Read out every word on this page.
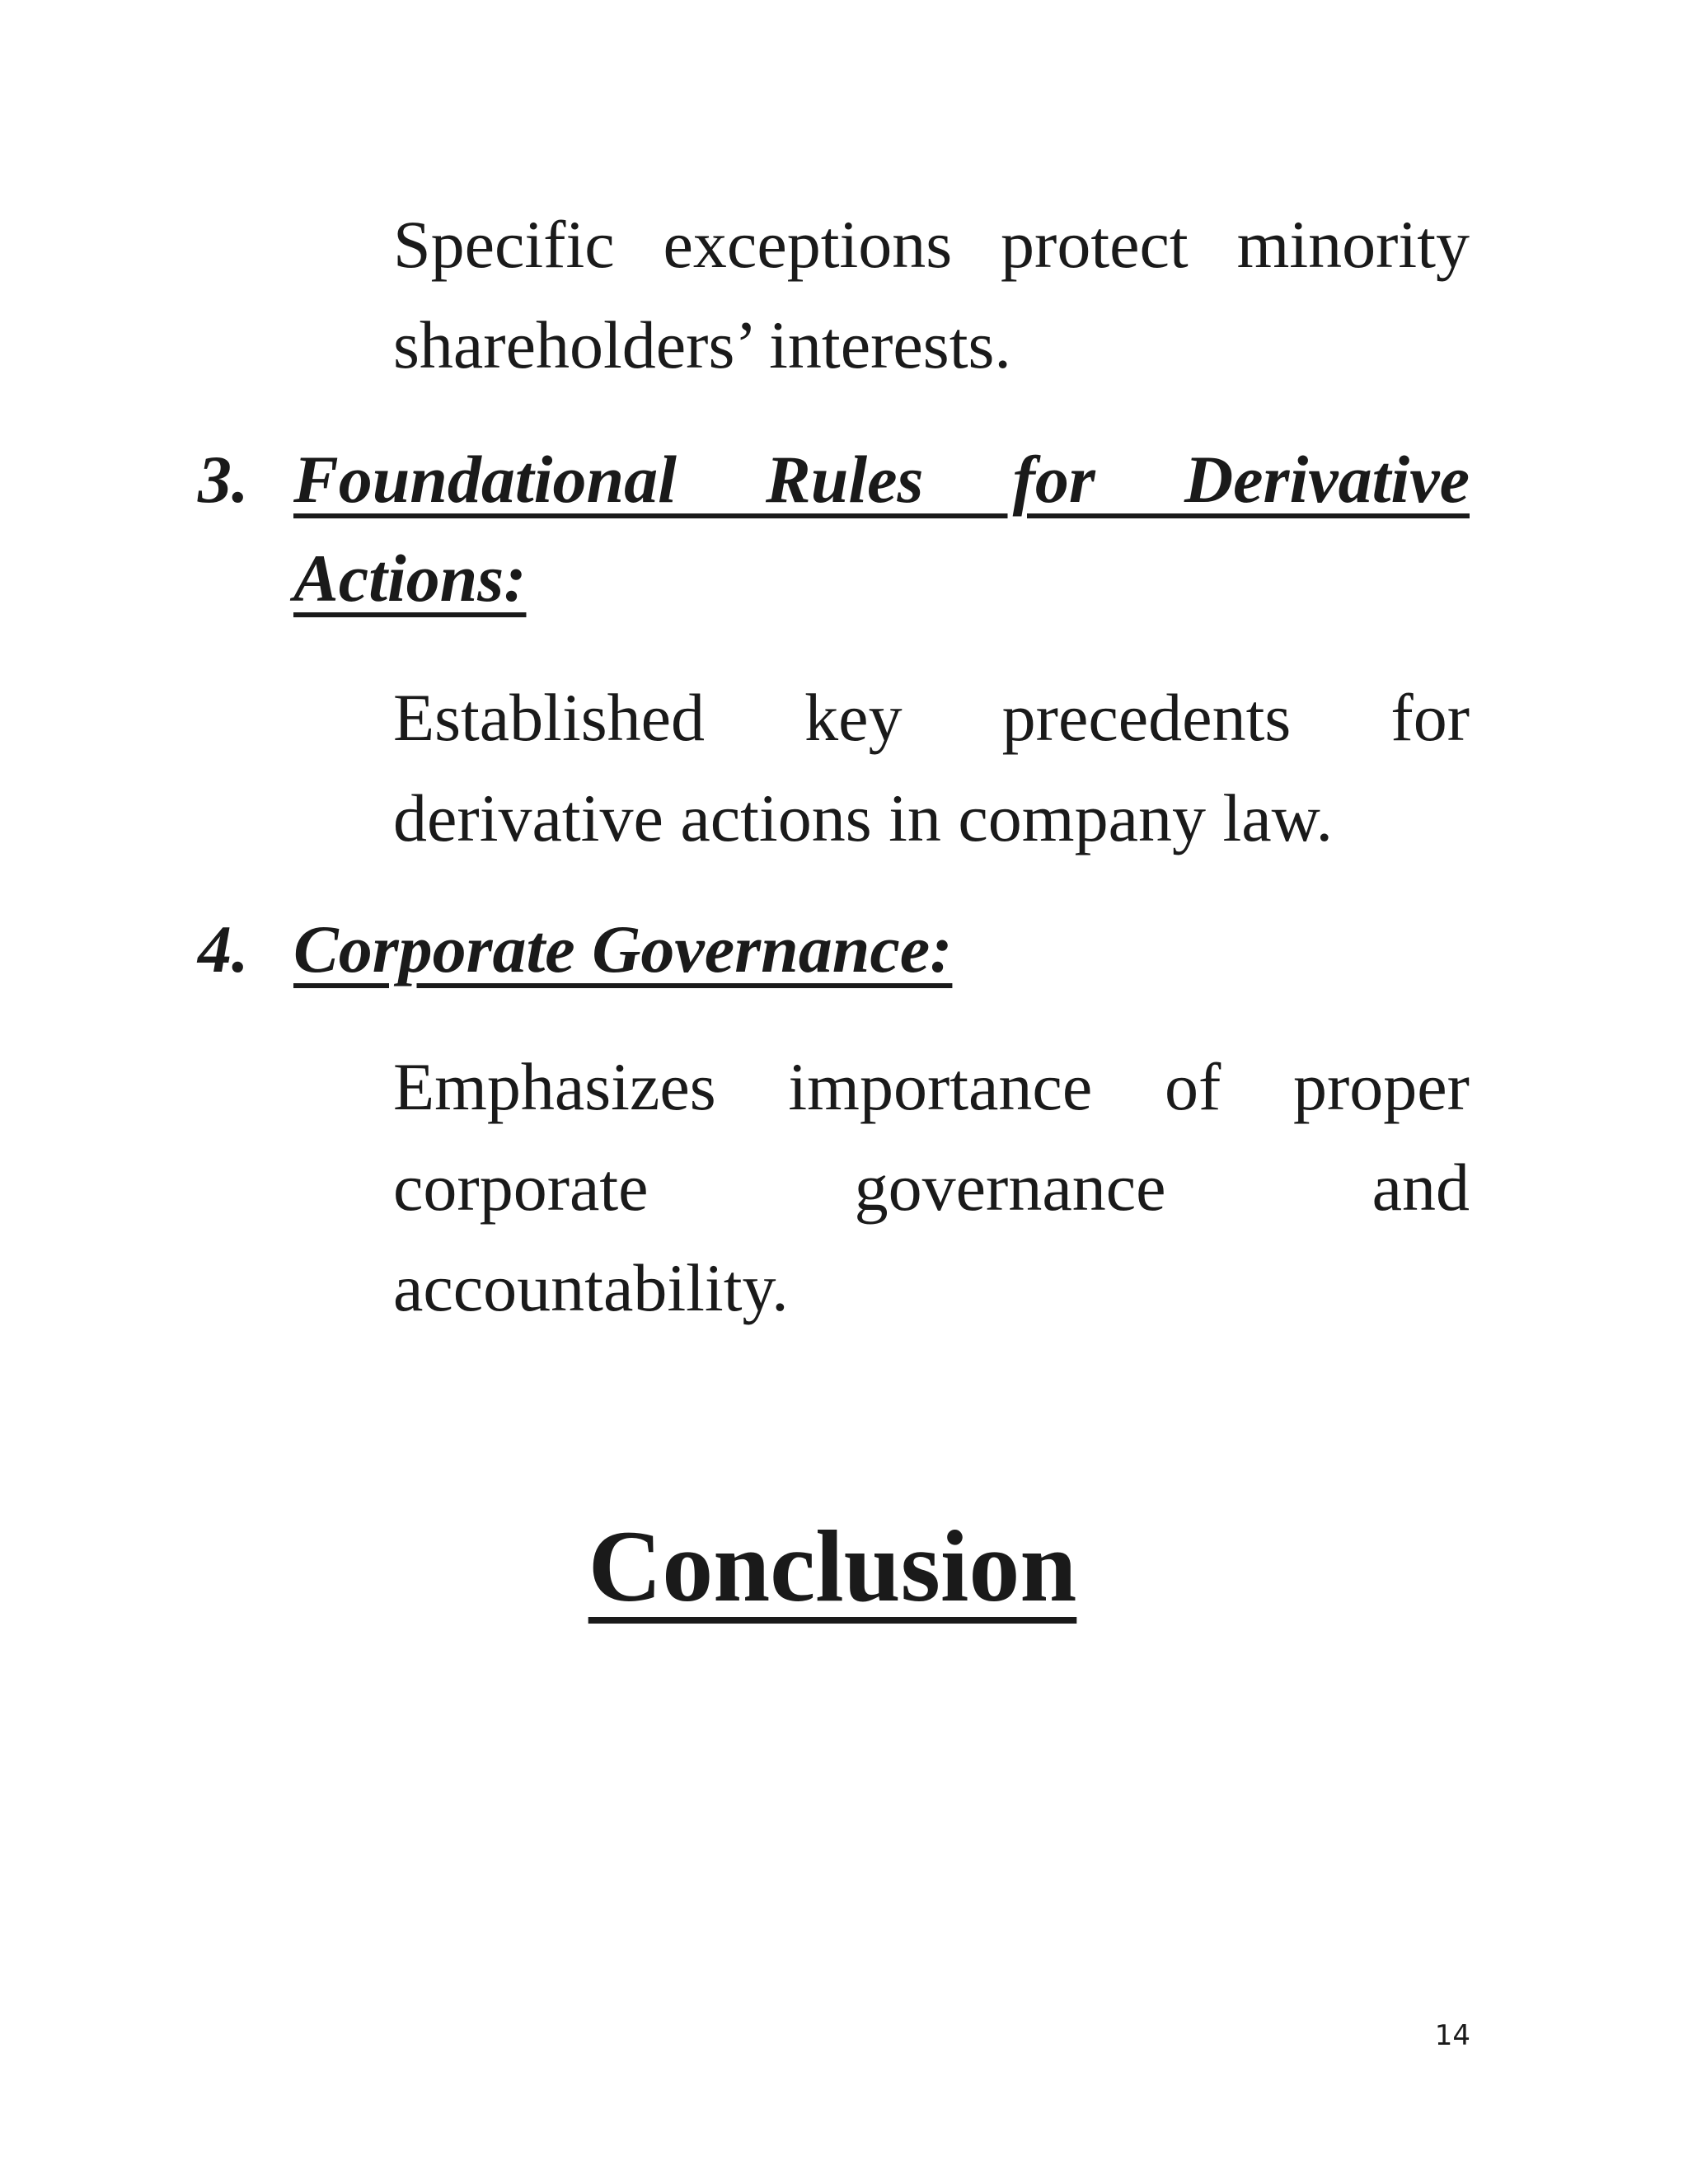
Specific exceptions protect minority shareholders’ interests.

3. Foundational Rules for Derivative Actions:

Established key precedents for derivative actions in company law.

4. Corporate Governance:

Emphasizes importance of proper corporate governance and accountability.

Conclusion
14
